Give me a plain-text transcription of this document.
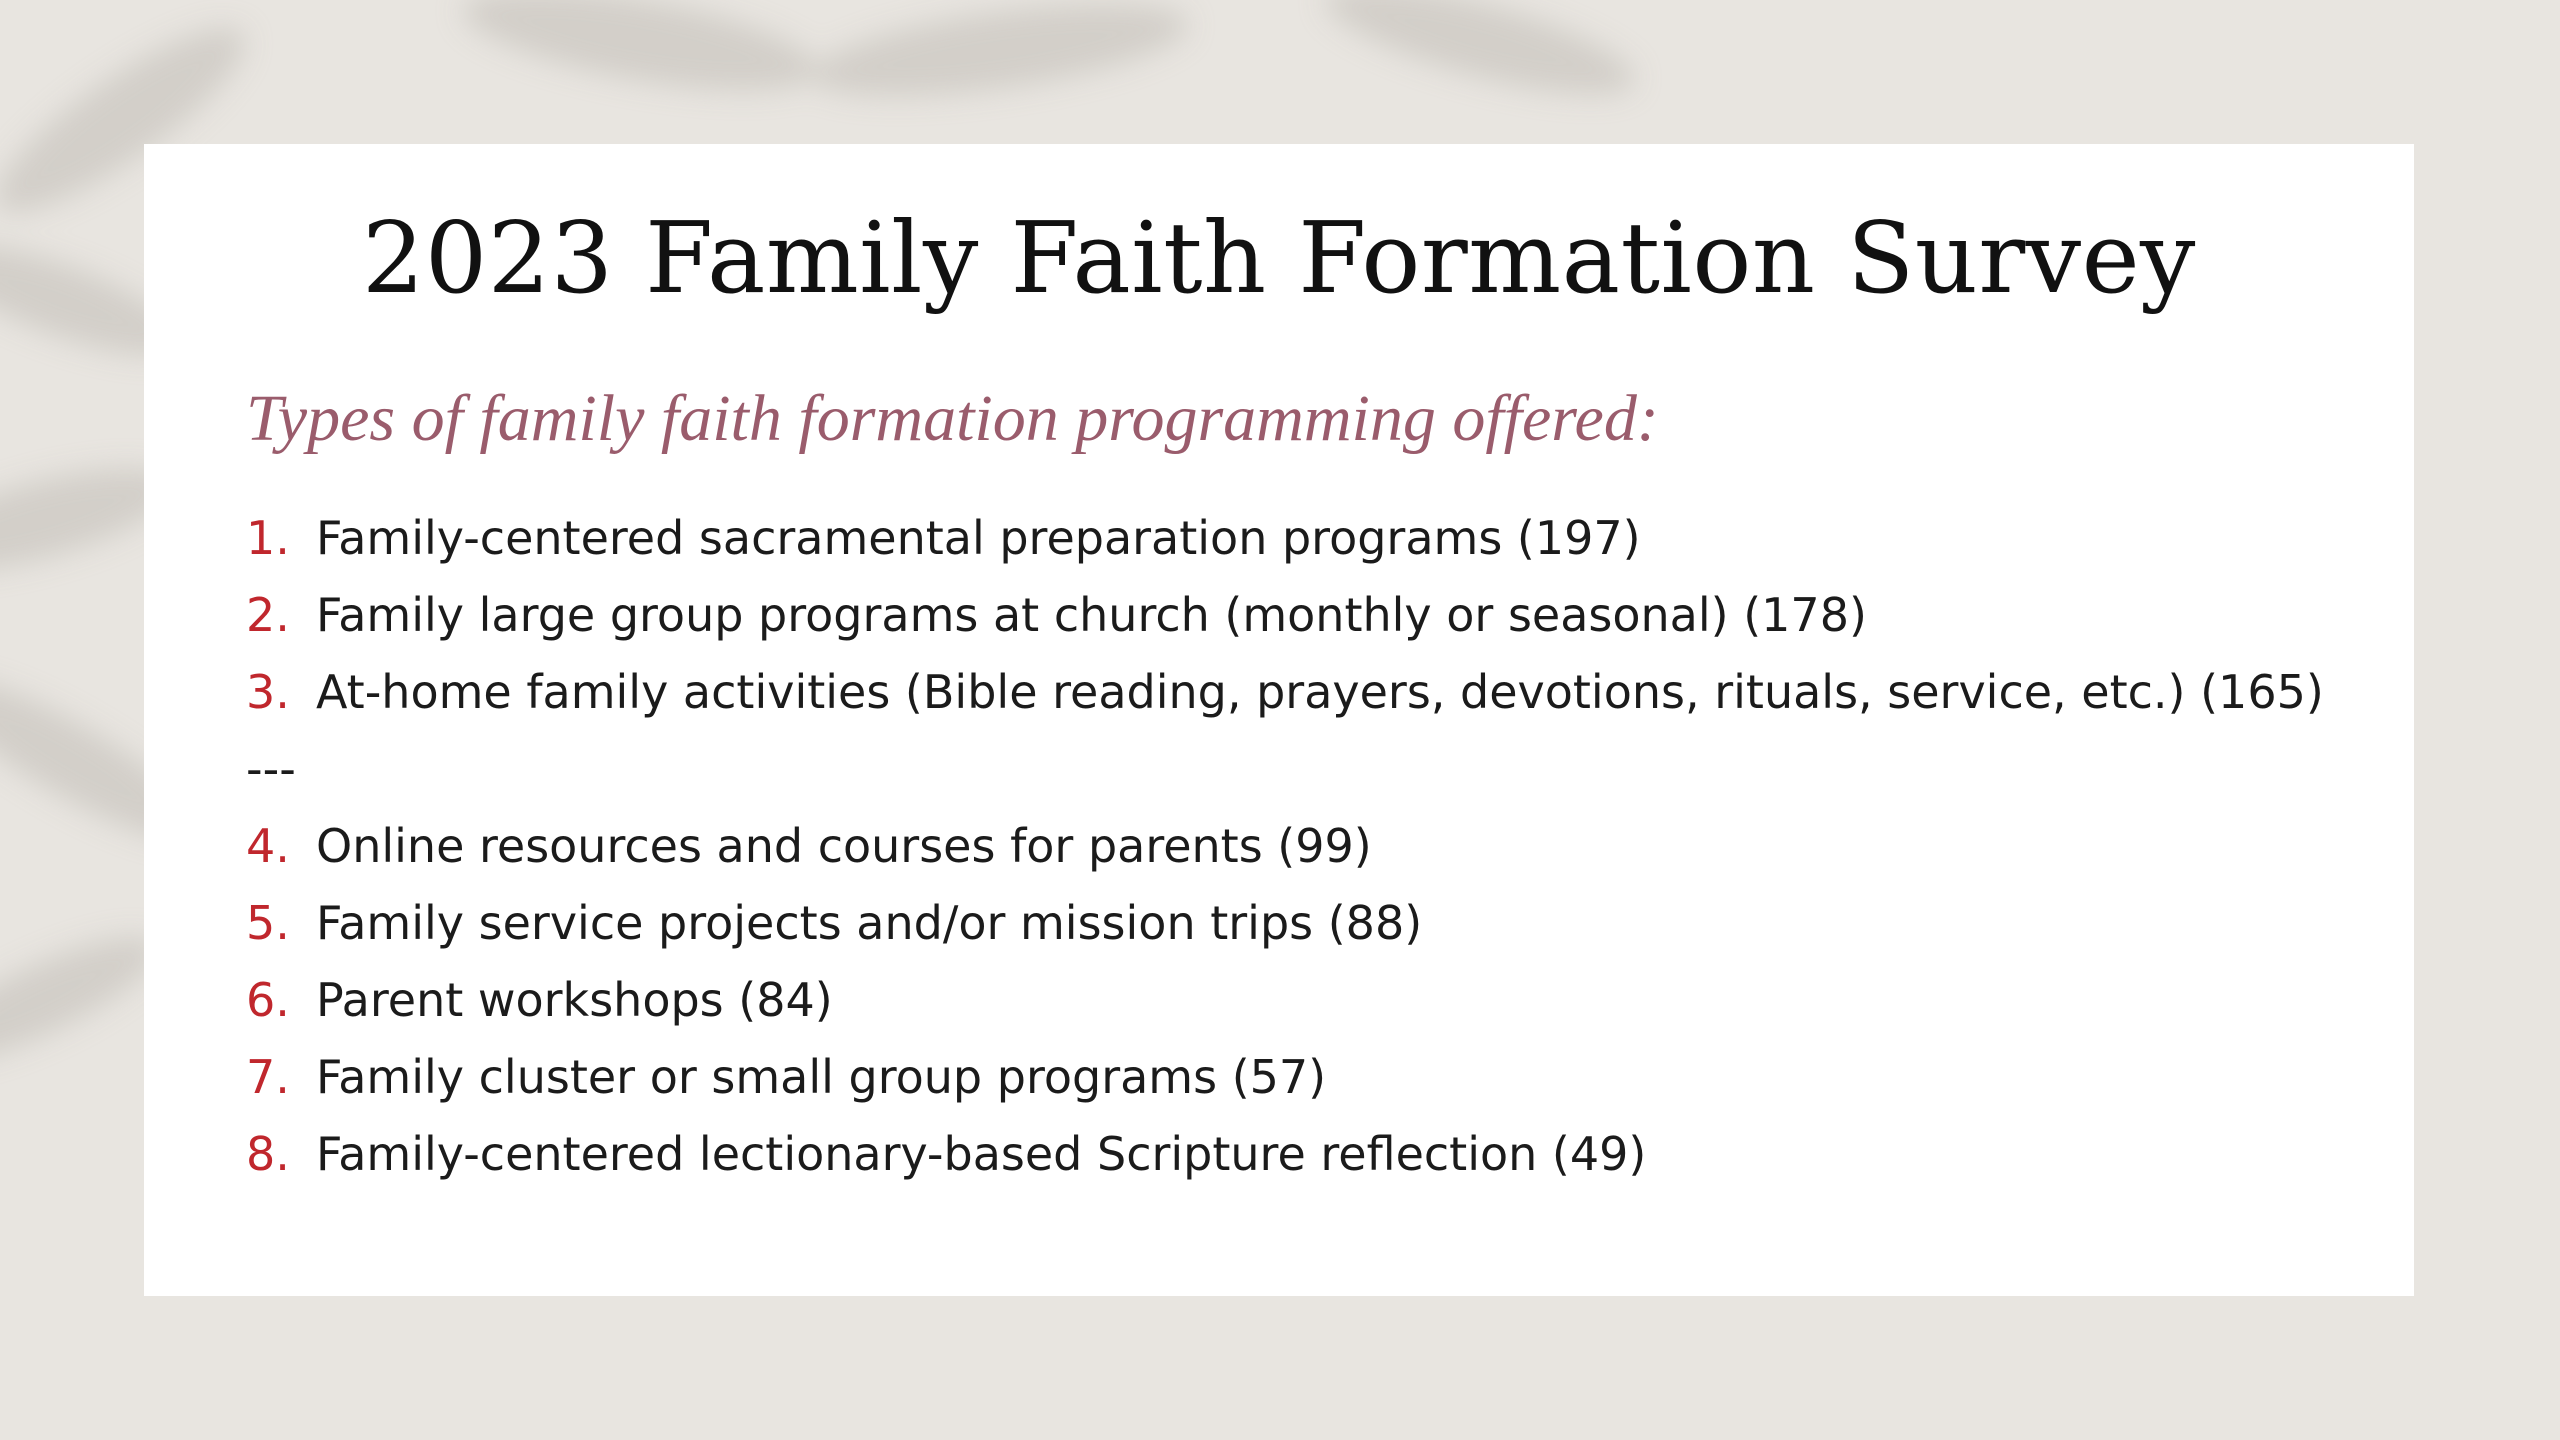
2023 Family Faith Formation Survey
Types of family faith formation programming offered:
1. Family-centered sacramental preparation programs (197)
2. Family large group programs at church (monthly or seasonal) (178)
3. At-home family activities (Bible reading, prayers, devotions, rituals, service, etc.) (165)
---
4. Online resources and courses for parents (99)
5. Family service projects and/or mission trips (88)
6. Parent workshops (84)
7. Family cluster or small group programs (57)
8. Family-centered lectionary-based Scripture reflection (49)
